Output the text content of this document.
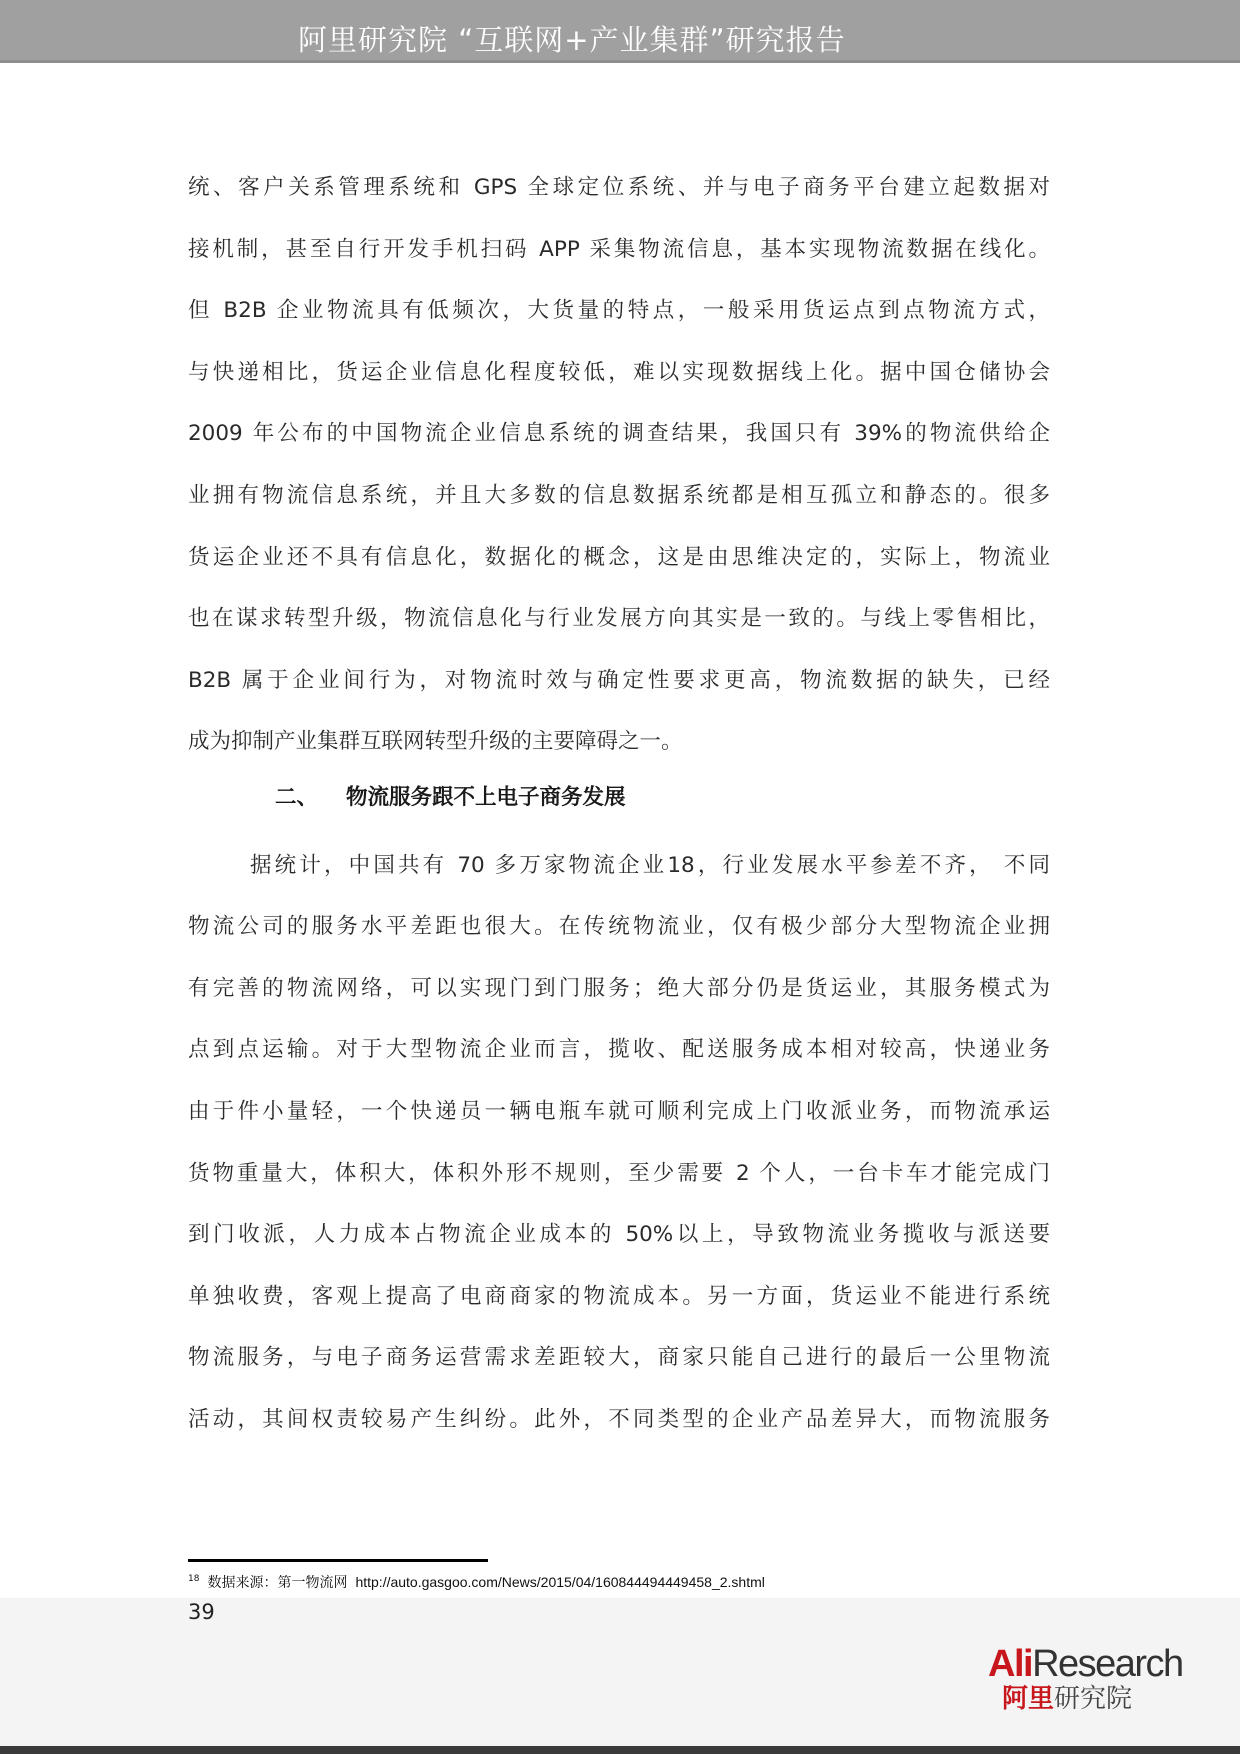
阿里研究院 “互联网+产业集群”研究报告
统、客户关系管理系统和 GPS 全球定位系统、并与电子商务平台建立起数据对
接机制，甚至自行开发手机扫码 APP 采集物流信息，基本实现物流数据在线化。
但 B2B 企业物流具有低频次，大货量的特点，一般采用货运点到点物流方式，
与快递相比，货运企业信息化程度较低，难以实现数据线上化。据中国仓储协会
2009 年公布的中国物流企业信息系统的调查结果，我国只有 39%的物流供给企
业拥有物流信息系统，并且大多数的信息数据系统都是相互孤立和静态的。很多
货运企业还不具有信息化，数据化的概念，这是由思维决定的，实际上，物流业
也在谋求转型升级，物流信息化与行业发展方向其实是一致的。与线上零售相比，
B2B 属于企业间行为，对物流时效与确定性要求更高，物流数据的缺失，已经
成为抑制产业集群互联网转型升级的主要障碍之一。
二、 物流服务跟不上电子商务发展
据统计，中国共有 70 多万家物流企业18，行业发展水平参差不齐， 不同
物流公司的服务水平差距也很大。在传统物流业，仅有极少部分大型物流企业拥
有完善的物流网络，可以实现门到门服务；绝大部分仍是货运业，其服务模式为
点到点运输。对于大型物流企业而言，揽收、配送服务成本相对较高，快递业务
由于件小量轻，一个快递员一辆电瓶车就可顺利完成上门收派业务，而物流承运
货物重量大，体积大，体积外形不规则，至少需要 2 个人，一台卡车才能完成门
到门收派，人力成本占物流企业成本的 50%以上，导致物流业务揽收与派送要
单独收费，客观上提高了电商商家的物流成本。另一方面，货运业不能进行系统
物流服务，与电子商务运营需求差距较大，商家只能自己进行的最后一公里物流
活动，其间权责较易产生纠纷。此外，不同类型的企业产品差异大，而物流服务
$^{18}$ 数据来源：第一物流网 http://auto.gasgoo.com/News/2015/04/160844494449458_2.shtml
39
AliResearch
阿里研究院
